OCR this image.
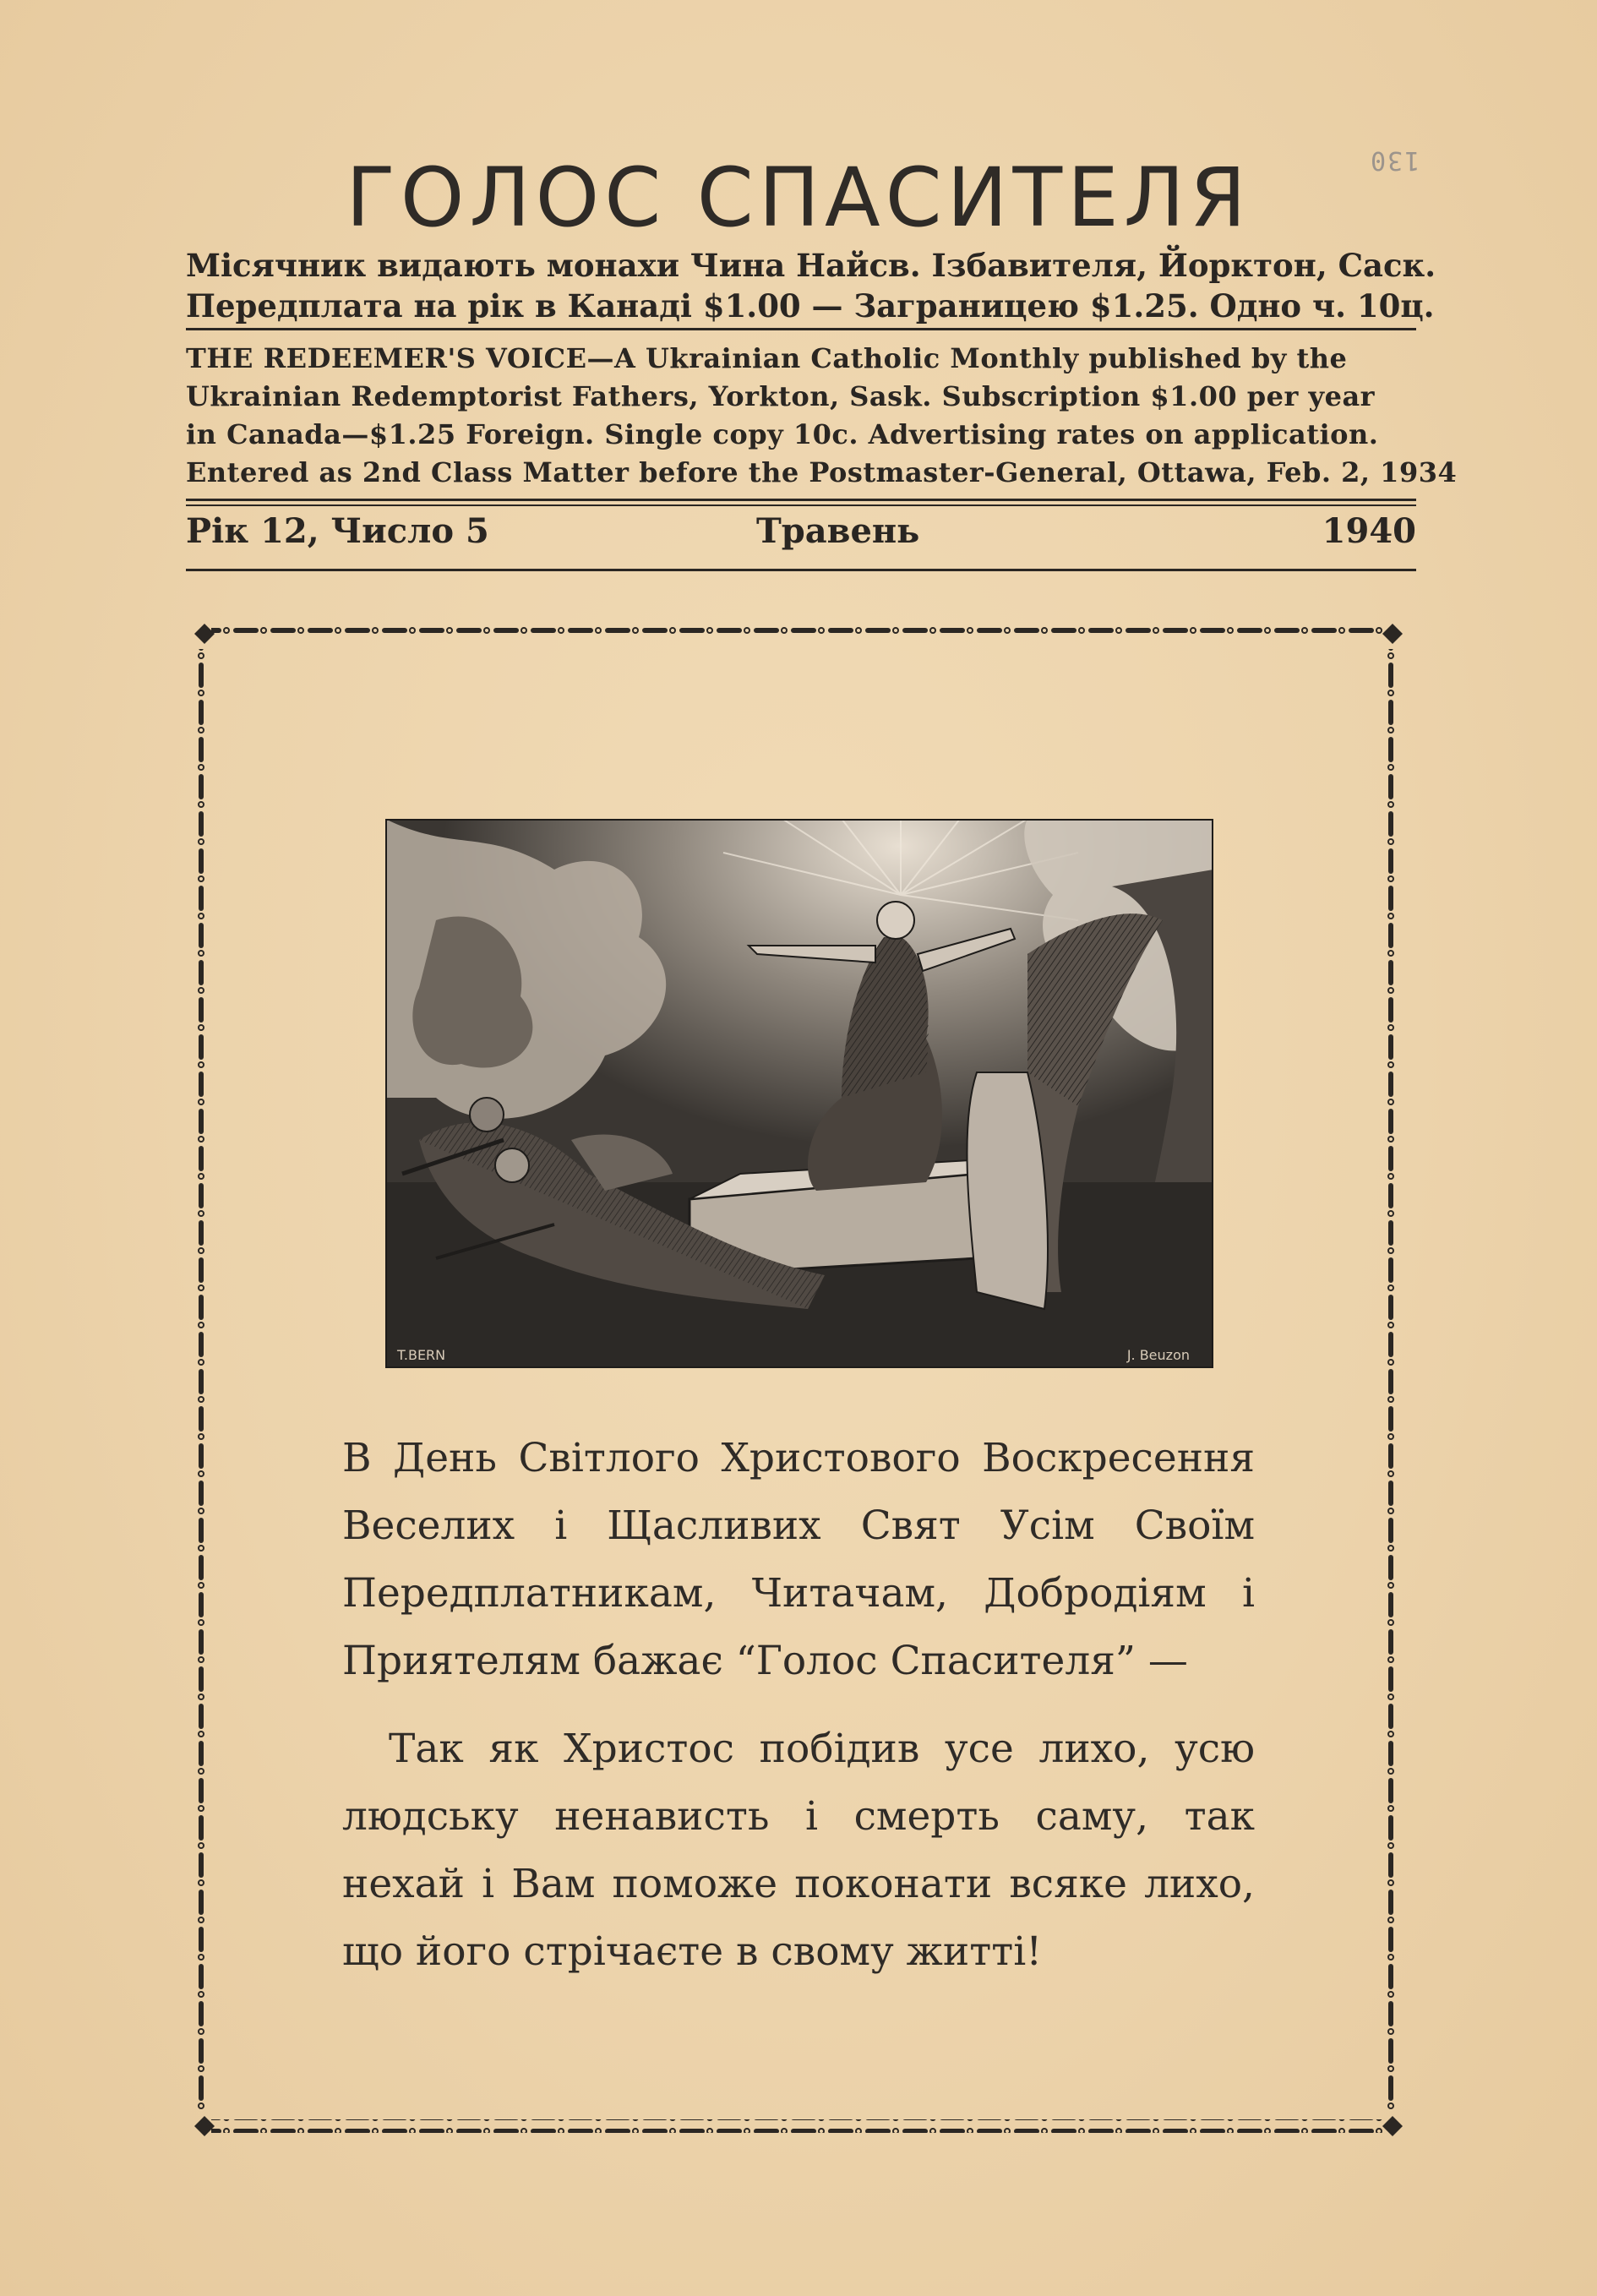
130
ГОЛОС СПАСИТЕЛЯ
Місячник видають монахи Чина Найсв. Ізбавителя, Йорктон, Саск.
Передплата на рік в Канаді $1.00 — Заграницею $1.25. Одно ч. 10ц.
THE REDEEMER'S VOICE—A Ukrainian Catholic Monthly published by the
Ukrainian Redemptorist Fathers, Yorkton, Sask. Subscription $1.00 per year
in Canada—$1.25 Foreign. Single copy 10c. Advertising rates on application.
Entered as 2nd Class Matter before the Postmaster-General, Ottawa, Feb. 2, 1934
Рік 12, Число 5	Травень	1940
T.BERN	J. Beuzon
В День Світлого Христового Воскресення Веселих і Щасливих Свят Усім Своїм Передплатникам, Читачам, Добродіям і Приятелям бажає “Голос Спасителя” —
Так як Христос побідив усе лихо, усю людську ненависть і смерть саму, так нехай і Вам поможе поконати всяке лихо, що його стрічаєте в свому житті!
